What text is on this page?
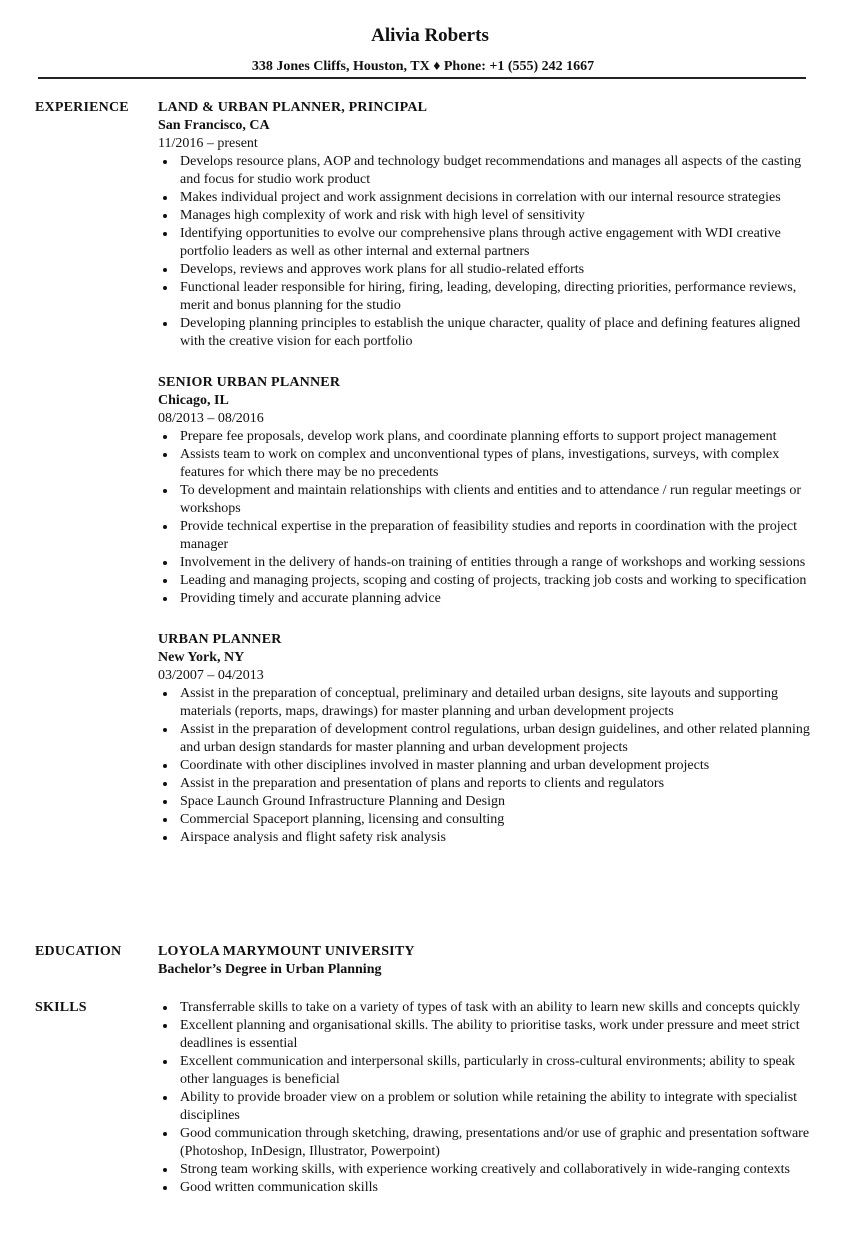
Alivia Roberts
338 Jones Cliffs, Houston, TX ♦ Phone: +1 (555) 242 1667
EXPERIENCE LAND & URBAN PLANNER, PRINCIPAL
San Francisco, CA
11/2016 – present
Develops resource plans, AOP and technology budget recommendations and manages all aspects of the casting and focus for studio work product
Makes individual project and work assignment decisions in correlation with our internal resource strategies
Manages high complexity of work and risk with high level of sensitivity
Identifying opportunities to evolve our comprehensive plans through active engagement with WDI creative portfolio leaders as well as other internal and external partners
Develops, reviews and approves work plans for all studio-related efforts
Functional leader responsible for hiring, firing, leading, developing, directing priorities, performance reviews, merit and bonus planning for the studio
Developing planning principles to establish the unique character, quality of place and defining features aligned with the creative vision for each portfolio
SENIOR URBAN PLANNER
Chicago, IL
08/2013 – 08/2016
Prepare fee proposals, develop work plans, and coordinate planning efforts to support project management
Assists team to work on complex and unconventional types of plans, investigations, surveys, with complex features for which there may be no precedents
To development and maintain relationships with clients and entities and to attendance / run regular meetings or workshops
Provide technical expertise in the preparation of feasibility studies and reports in coordination with the project manager
Involvement in the delivery of hands-on training of entities through a range of workshops and working sessions
Leading and managing projects, scoping and costing of projects, tracking job costs and working to specification
Providing timely and accurate planning advice
URBAN PLANNER
New York, NY
03/2007 – 04/2013
Assist in the preparation of conceptual, preliminary and detailed urban designs, site layouts and supporting materials (reports, maps, drawings) for master planning and urban development projects
Assist in the preparation of development control regulations, urban design guidelines, and other related planning and urban design standards for master planning and urban development projects
Coordinate with other disciplines involved in master planning and urban development projects
Assist in the preparation and presentation of plans and reports to clients and regulators
Space Launch Ground Infrastructure Planning and Design
Commercial Spaceport planning, licensing and consulting
Airspace analysis and flight safety risk analysis
EDUCATION	LOYOLA MARYMOUNT UNIVERSITY
Bachelor’s Degree in Urban Planning
SKILLS	Transferrable skills to take on a variety of types of task with an ability to learn new skills and concepts quickly
Excellent planning and organisational skills. The ability to prioritise tasks, work under pressure and meet strict deadlines is essential
Excellent communication and interpersonal skills, particularly in cross-cultural environments; ability to speak other languages is beneficial
Ability to provide broader view on a problem or solution while retaining the ability to integrate with specialist disciplines
Good communication through sketching, drawing, presentations and/or use of graphic and presentation software (Photoshop, InDesign, Illustrator, Powerpoint)
Strong team working skills, with experience working creatively and collaboratively in wide-ranging contexts
Good written communication skills
